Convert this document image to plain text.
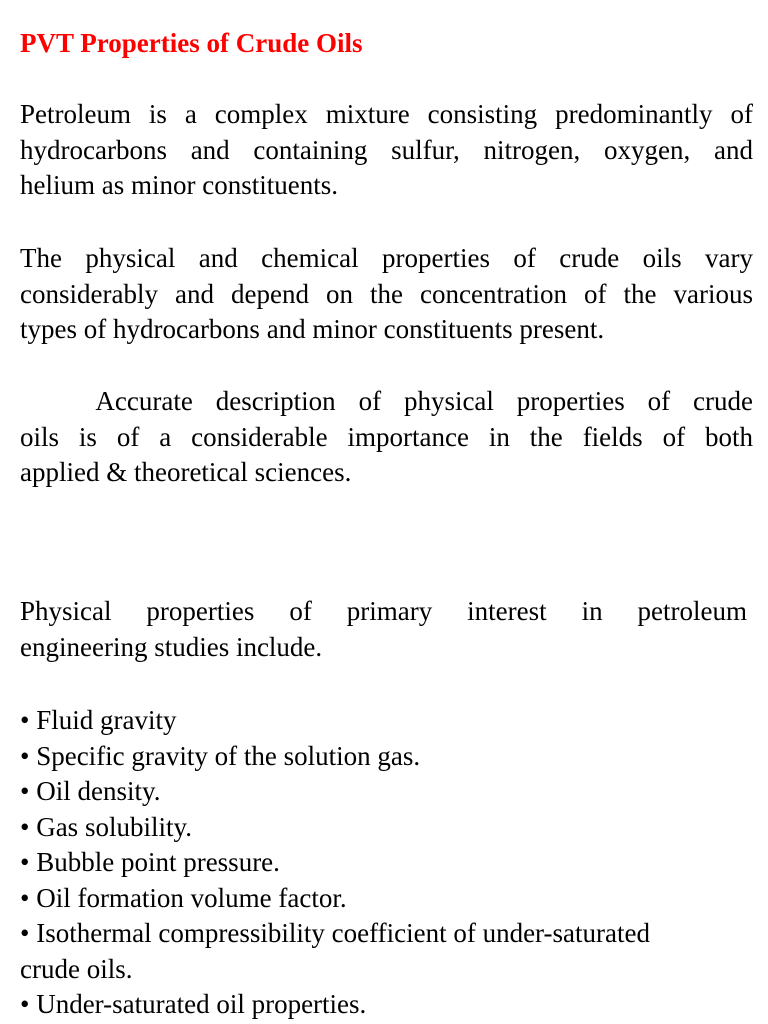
PVT Properties of Crude Oils

Petroleum is a complex mixture consisting predominantly of
hydrocarbons and containing sulfur, nitrogen, oxygen, and
helium as minor constituents.

The physical and chemical properties of crude oils vary
considerably and depend on the concentration of the various
types of hydrocarbons and minor constituents present.

   Accurate description of physical properties of crude
oils is of a considerable importance in the fields of both
applied & theoretical sciences.

Physical properties of primary interest in petroleum
engineering studies include.

• Fluid gravity
• Specific gravity of the solution gas.
• Oil density.
• Gas solubility.
• Bubble point pressure.
• Oil formation volume factor.
• Isothermal compressibility coefficient of under-saturated
crude oils.
• Under-saturated oil properties.
